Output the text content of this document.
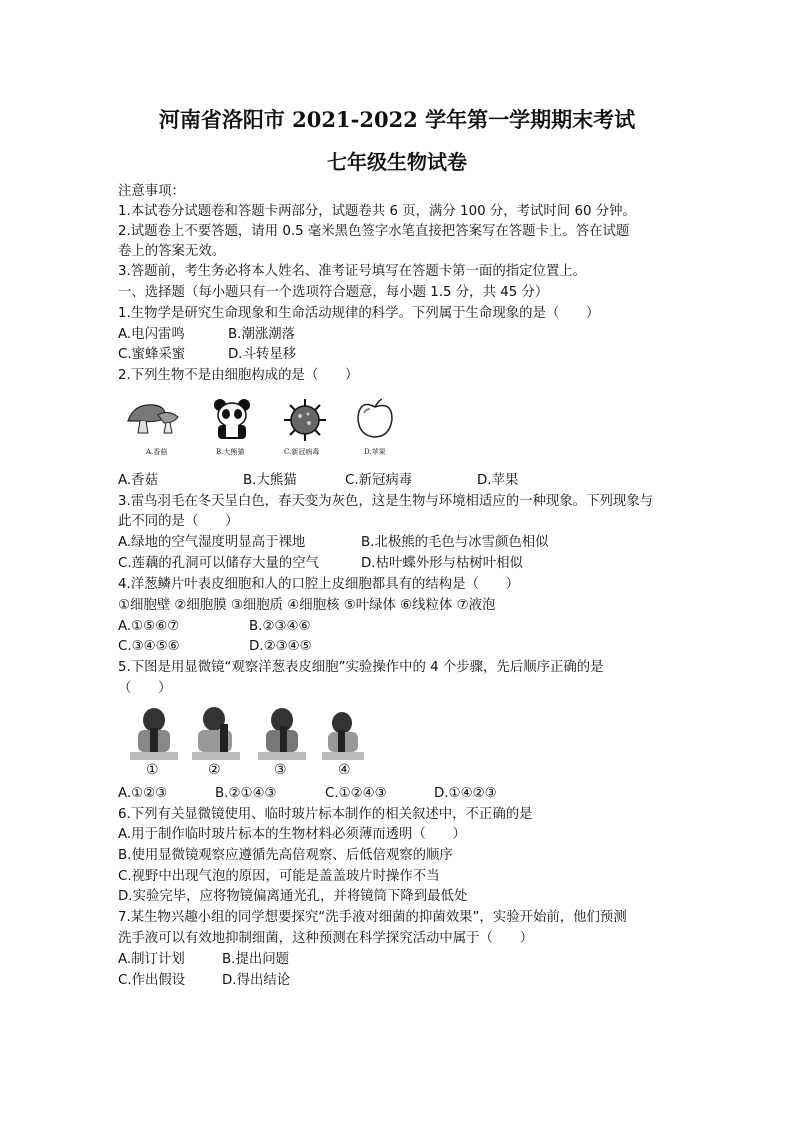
河南省洛阳市 2021-2022 学年第一学期期末考试
七年级生物试卷
注意事项：
1.本试卷分试题卷和答题卡两部分，试题卷共 6 页，满分 100 分，考试时间 60 分钟。
2.试题卷上不要答题，请用 0.5 毫米黑色签字水笔直接把答案写在答题卡上。答在试题
卷上的答案无效。
3.答题前，考生务必将本人姓名、准考证号填写在答题卡第一面的指定位置上。
一、选择题（每小题只有一个选项符合题意，每小题 1.5 分，共 45 分）
1.生物学是研究生命现象和生命活动规律的科学。下列属于生命现象的是（　　）
A.电闪雷鸣	B.潮涨潮落
C.蜜蜂采蜜	D.斗转星移
2.下列生物不是由细胞构成的是（　　）
A.香菇	B.大熊猫	C.新冠病毒	D.苹果
A.香菇	B.大熊猫	C.新冠病毒	D.苹果
3.雷鸟羽毛在冬天呈白色，春天变为灰色，这是生物与环境相适应的一种现象。下列现象与
此不同的是（　　）
A.绿地的空气湿度明显高于裸地	B.北极熊的毛色与冰雪颜色相似
C.莲藕的孔洞可以储存大量的空气	D.枯叶蝶外形与枯树叶相似
4.洋葱鳞片叶表皮细胞和人的口腔上皮细胞都具有的结构是（　　）
①细胞壁 ②细胞膜 ③细胞质 ④细胞核 ⑤叶绿体 ⑥线粒体 ⑦液泡
A.①⑤⑥⑦	B.②③④⑥
C.③④⑤⑥	D.②③④⑤
5.下图是用显微镜“观察洋葱表皮细胞”实验操作中的 4 个步骤，先后顺序正确的是
（　　）
①	②	③	④
A.①②③	B.②①④③	C.①②④③	D.①④②③
6.下列有关显微镜使用、临时玻片标本制作的相关叙述中，不正确的是
A.用于制作临时玻片标本的生物材料必须薄而透明（　　）
B.使用显微镜观察应遵循先高倍观察、后低倍观察的顺序
C.视野中出现气泡的原因，可能是盖盖玻片时操作不当
D.实验完毕，应将物镜偏离通光孔，并将镜筒下降到最低处
7.某生物兴趣小组的同学想要探究“洗手液对细菌的抑菌效果”，实验开始前，他们预测
洗手液可以有效地抑制细菌，这种预测在科学探究活动中属于（　　）
A.制订计划	B.提出问题
C.作出假设	D.得出结论
